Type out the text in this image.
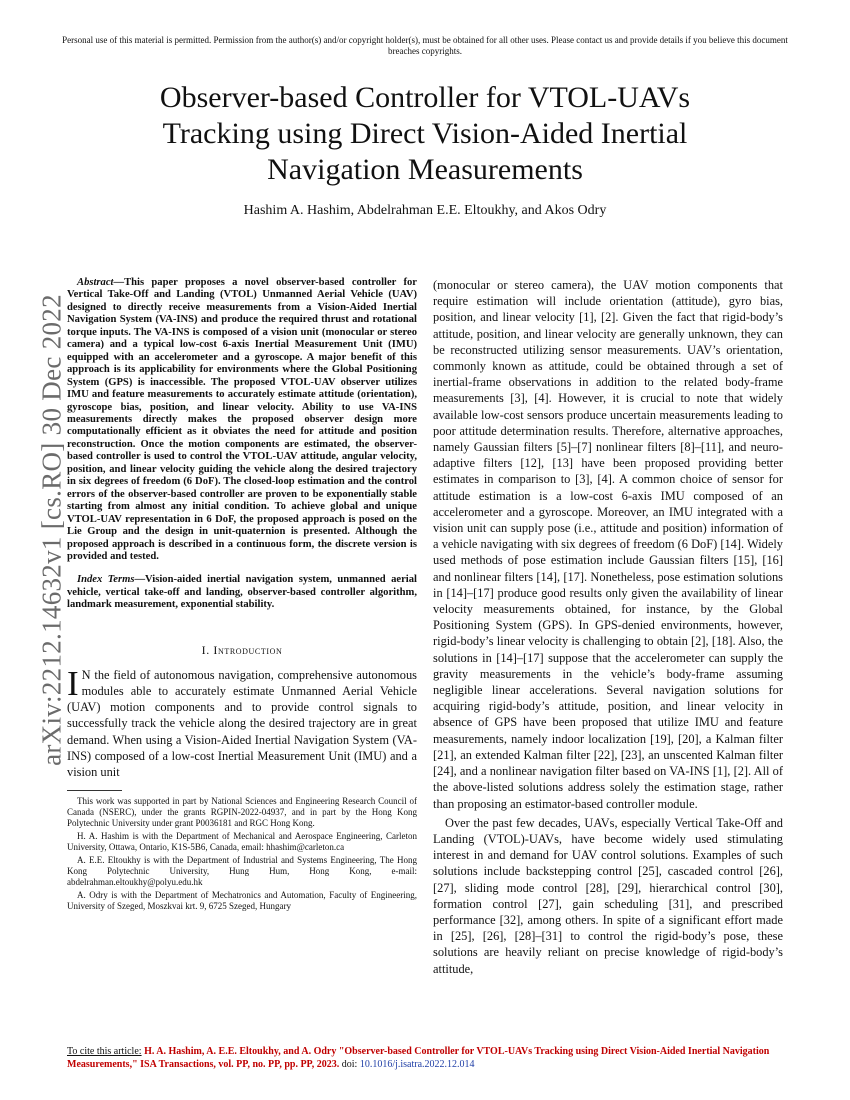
Personal use of this material is permitted. Permission from the author(s) and/or copyright holder(s), must be obtained for all other uses. Please contact us and provide details if you believe this document breaches copyrights.
Observer-based Controller for VTOL-UAVs
Tracking using Direct Vision-Aided Inertial
Navigation Measurements
Hashim A. Hashim, Abdelrahman E.E. Eltoukhy, and Akos Odry
arXiv:2212.14632v1 [cs.RO] 30 Dec 2022

Abstract—This paper proposes a novel observer-based controller for Vertical Take-Off and Landing (VTOL) Unmanned Aerial Vehicle (UAV) designed to directly receive measurements from a Vision-Aided Inertial Navigation System (VA-INS) and produce the required thrust and rotational torque inputs. The VA-INS is composed of a vision unit (monocular or stereo camera) and a typical low-cost 6-axis Inertial Measurement Unit (IMU) equipped with an accelerometer and a gyroscope. A major benefit of this approach is its applicability for environments where the Global Positioning System (GPS) is inaccessible. The proposed VTOL-UAV observer utilizes IMU and feature measurements to accurately estimate attitude (orientation), gyroscope bias, position, and linear velocity. Ability to use VA-INS measurements directly makes the proposed observer design more computationally efficient as it obviates the need for attitude and position reconstruction. Once the motion components are estimated, the observer-based controller is used to control the VTOL-UAV attitude, angular velocity, position, and linear velocity guiding the vehicle along the desired trajectory in six degrees of freedom (6 DoF). The closed-loop estimation and the control errors of the observer-based controller are proven to be exponentially stable starting from almost any initial condition. To achieve global and unique VTOL-UAV representation in 6 DoF, the proposed approach is posed on the Lie Group and the design in unit-quaternion is presented. Although the proposed approach is described in a continuous form, the discrete version is provided and tested.

Index Terms—Vision-aided inertial navigation system, unmanned aerial vehicle, vertical take-off and landing, observer-based controller algorithm, landmark measurement, exponential stability.

I. Introduction

I N the field of autonomous navigation, comprehensive autonomous modules able to accurately estimate Unmanned Aerial Vehicle (UAV) motion components and to provide control signals to successfully track the vehicle along the desired trajectory are in great demand. When using a Vision-Aided Inertial Navigation System (VA-INS) composed of a low-cost Inertial Measurement Unit (IMU) and a vision unit

This work was supported in part by National Sciences and Engineering Research Council of Canada (NSERC), under the grants RGPIN-2022-04937, and in part by the Hong Kong Polytechnic University under grant P0036181 and RGC Hong Kong.

H. A. Hashim is with the Department of Mechanical and Aerospace Engineering, Carleton University, Ottawa, Ontario, K1S-5B6, Canada, email: hhashim@carleton.ca

A. E.E. Eltoukhy is with the Department of Industrial and Systems Engineering, The Hong Kong Polytechnic University, Hung Hum, Hong Kong, e-mail: abdelrahman.eltoukhy@polyu.edu.hk

A. Odry is with the Department of Mechatronics and Automation, Faculty of Engineering, University of Szeged, Moszkvai krt. 9, 6725 Szeged, Hungary

(monocular or stereo camera), the UAV motion components that require estimation will include orientation (attitude), gyro bias, position, and linear velocity [1], [2]. Given the fact that rigid-body’s attitude, position, and linear velocity are generally unknown, they can be reconstructed utilizing sensor measurements. UAV’s orientation, commonly known as attitude, could be obtained through a set of inertial-frame observations in addition to the related body-frame measurements [3], [4]. However, it is crucial to note that widely available low-cost sensors produce uncertain measurements leading to poor attitude determination results. Therefore, alternative approaches, namely Gaussian filters [5]–[7] nonlinear filters [8]–[11], and neuro-adaptive filters [12], [13] have been proposed providing better estimates in comparison to [3], [4]. A common choice of sensor for attitude estimation is a low-cost 6-axis IMU composed of an accelerometer and a gyroscope. Moreover, an IMU integrated with a vision unit can supply pose (i.e., attitude and position) information of a vehicle navigating with six degrees of freedom (6 DoF) [14]. Widely used methods of pose estimation include Gaussian filters [15], [16] and nonlinear filters [14], [17]. Nonetheless, pose estimation solutions in [14]–[17] produce good results only given the availability of linear velocity measurements obtained, for instance, by the Global Positioning System (GPS). In GPS-denied environments, however, rigid-body’s linear velocity is challenging to obtain [2], [18]. Also, the solutions in [14]–[17] suppose that the accelerometer can supply the gravity measurements in the vehicle’s body-frame assuming negligible linear accelerations. Several navigation solutions for acquiring rigid-body’s attitude, position, and linear velocity in absence of GPS have been proposed that utilize IMU and feature measurements, namely indoor localization [19], [20], a Kalman filter [21], an extended Kalman filter [22], [23], an unscented Kalman filter [24], and a nonlinear navigation filter based on VA-INS [1], [2]. All of the above-listed solutions address solely the estimation stage, rather than proposing an estimator-based controller module.

Over the past few decades, UAVs, especially Vertical Take-Off and Landing (VTOL)-UAVs, have become widely used stimulating interest in and demand for UAV control solutions. Examples of such solutions include backstepping control [25], cascaded control [26], [27], sliding mode control [28], [29], hierarchical control [30], formation control [27], gain scheduling [31], and prescribed performance [32], among others. In spite of a significant effort made in [25], [26], [28]–[31] to control the rigid-body’s pose, these solutions are heavily reliant on precise knowledge of rigid-body’s attitude,

To cite this article: H. A. Hashim, A. E.E. Eltoukhy, and A. Odry "Observer-based Controller for VTOL-UAVs Tracking using Direct Vision-Aided Inertial Navigation Measurements," ISA Transactions, vol. PP, no. PP, pp. PP, 2023. doi: 10.1016/j.isatra.2022.12.014
